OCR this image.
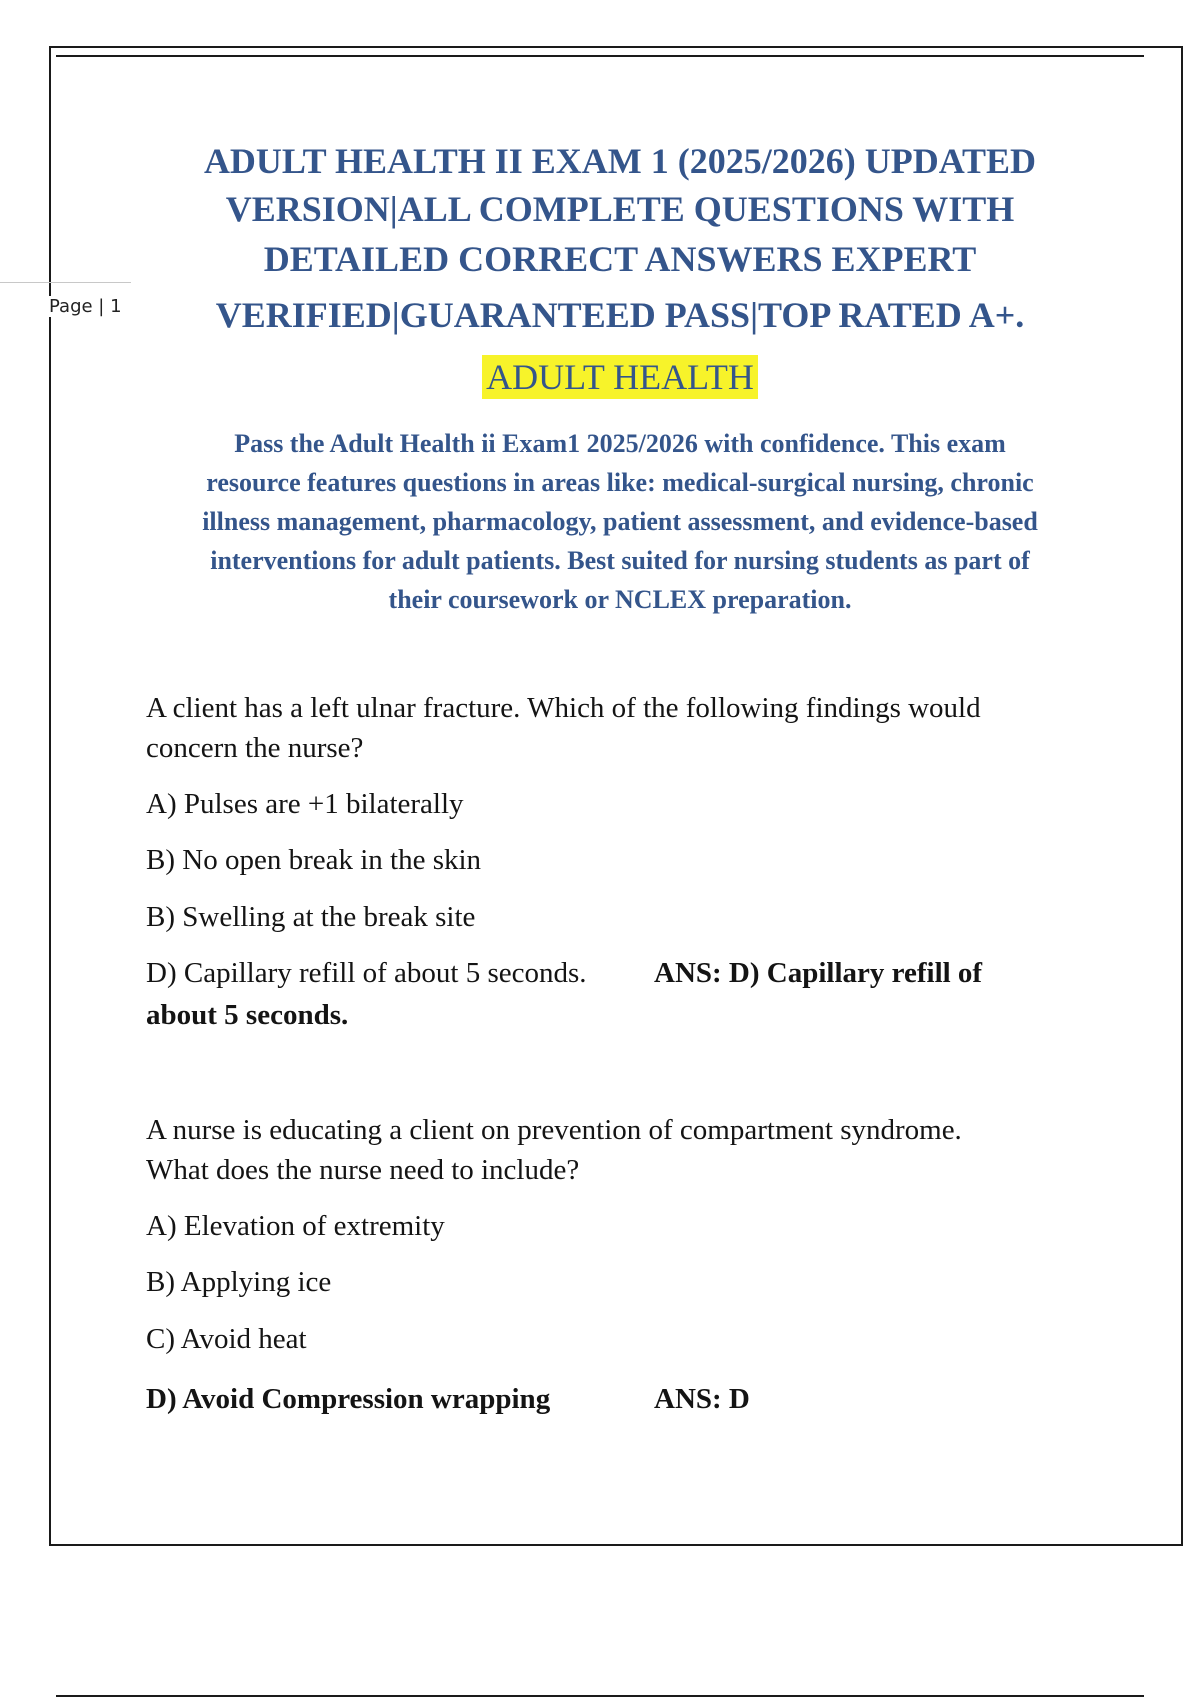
Page | 1
ADULT HEALTH II EXAM 1 (2025/2026) UPDATED
VERSION|ALL COMPLETE QUESTIONS WITH
DETAILED CORRECT ANSWERS EXPERT
VERIFIED|GUARANTEED PASS|TOP RATED A+.
ADULT HEALTH
Pass the Adult Health ii Exam1 2025/2026 with confidence. This exam
resource features questions in areas like: medical-surgical nursing, chronic
illness management, pharmacology, patient assessment, and evidence-based
interventions for adult patients. Best suited for nursing students as part of
their coursework or NCLEX preparation.
A client has a left ulnar fracture. Which of the following findings would
concern the nurse?
A) Pulses are +1 bilaterally
B) No open break in the skin
B) Swelling at the break site
D) Capillary refill of about 5 seconds. ANS: D) Capillary refill of
about 5 seconds.
A nurse is educating a client on prevention of compartment syndrome.
What does the nurse need to include?
A) Elevation of extremity
B) Applying ice
C) Avoid heat
D) Avoid Compression wrapping	ANS: D
